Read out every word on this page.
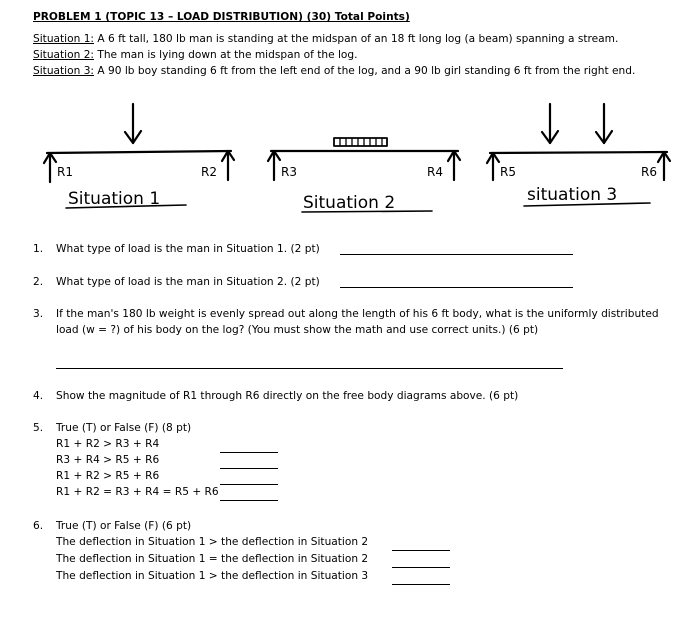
PROBLEM 1 (TOPIC 13 – LOAD DISTRIBUTION) (30) Total Points)
Situation 1: A 6 ft tall, 180 lb man is standing at the midspan of an 18 ft long log (a beam) spanning a stream.
Situation 2: The man is lying down at the midspan of the log.
Situation 3: A 90 lb boy standing 6 ft from the left end of the log, and a 90 lb girl standing 6 ft from the right end.
R1	R2	R3	R4	R5	R6
Situation 1	Situation 2	situation 3
1. What type of load is the man in Situation 1. (2 pt)
2. What type of load is the man in Situation 2. (2 pt)
3. If the man's 180 lb weight is evenly spread out along the length of his 6 ft body, what is the uniformly distributed
load (w = ?) of his body on the log? (You must show the math and use correct units.) (6 pt)
4. Show the magnitude of R1 through R6 directly on the free body diagrams above. (6 pt)
5. True (T) or False (F) (8 pt)
R1 + R2 > R3 + R4
R3 + R4 > R5 + R6
R1 + R2 > R5 + R6
R1 + R2 = R3 + R4 = R5 + R6
6. True (T) or False (F) (6 pt)
The deflection in Situation 1 > the deflection in Situation 2
The deflection in Situation 1 = the deflection in Situation 2
The deflection in Situation 1 > the deflection in Situation 3
